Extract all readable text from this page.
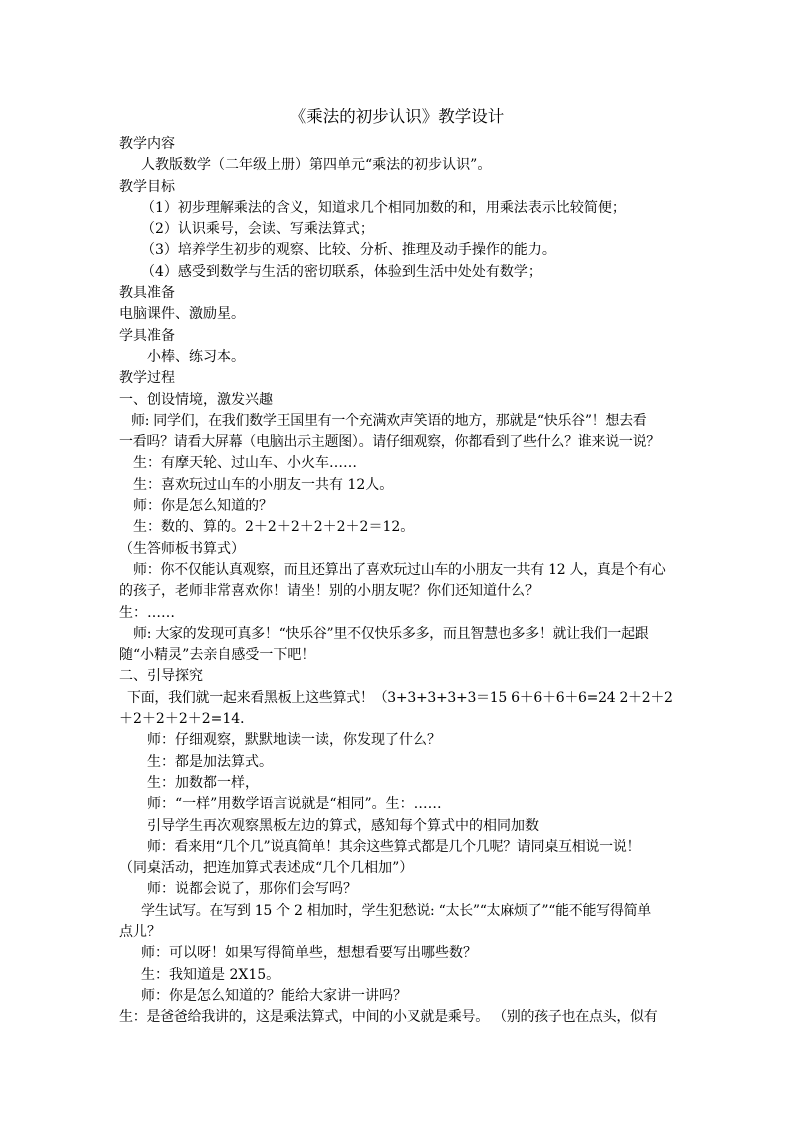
《乘法的初步认识》教学设计
教学内容
人教版数学（二年级上册）第四单元“乘法的初步认识”。
教学目标
（1）初步理解乘法的含义，知道求几个相同加数的和，用乘法表示比较简便；
（2）认识乘号，会读、写乘法算式；
（3）培养学生初步的观察、比较、分析、推理及动手操作的能力。
（4）感受到数学与生活的密切联系，体验到生活中处处有数学；
教具准备
电脑课件、激励星。
学具准备
小棒、练习本。
教学过程
一、创设情境，激发兴趣
师: 同学们，在我们数学王国里有一个充满欢声笑语的地方，那就是“快乐谷”！想去看
一看吗？请看大屏幕（电脑出示主题图）。请仔细观察，你都看到了些什么？谁来说一说？
生：有摩天轮、过山车、小火车……
生：喜欢玩过山车的小朋友一共有 12人。
师：你是怎么知道的？
生：数的、算的。2＋2＋2＋2＋2＋2＝12。
（生答师板书算式）
师：你不仅能认真观察，而且还算出了喜欢玩过山车的小朋友一共有 12 人，真是个有心
的孩子，老师非常喜欢你！请坐！别的小朋友呢？你们还知道什么？
生：……
师: 大家的发现可真多！“快乐谷”里不仅快乐多多，而且智慧也多多！就让我们一起跟
随“小精灵”去亲自感受一下吧！
二、引导探究
下面，我们就一起来看黑板上这些算式！（3+3+3+3+3＝15 6＋6＋6＋6=24 2＋2＋2
＋2＋2＋2＋2=14．
师：仔细观察，默默地读一读，你发现了什么？
生：都是加法算式。
生：加数都一样，
师：“一样”用数学语言说就是“相同”。生：……
引导学生再次观察黑板左边的算式，感知每个算式中的相同加数
师：看来用“几个几”说真简单！其余这些算式都是几个几呢？请同桌互相说一说！
（同桌活动，把连加算式表述成“几个几相加”）
师：说都会说了，那你们会写吗？
学生试写。在写到 15 个 2 相加时，学生犯愁说: “太长”“太麻烦了”“能不能写得简单
点儿？
师：可以呀！如果写得简单些，想想看要写出哪些数？
生：我知道是 2X15。
师：你是怎么知道的？能给大家讲一讲吗？
生：是爸爸给我讲的，这是乘法算式，中间的小叉就是乘号。 （别的孩子也在点头，似有
